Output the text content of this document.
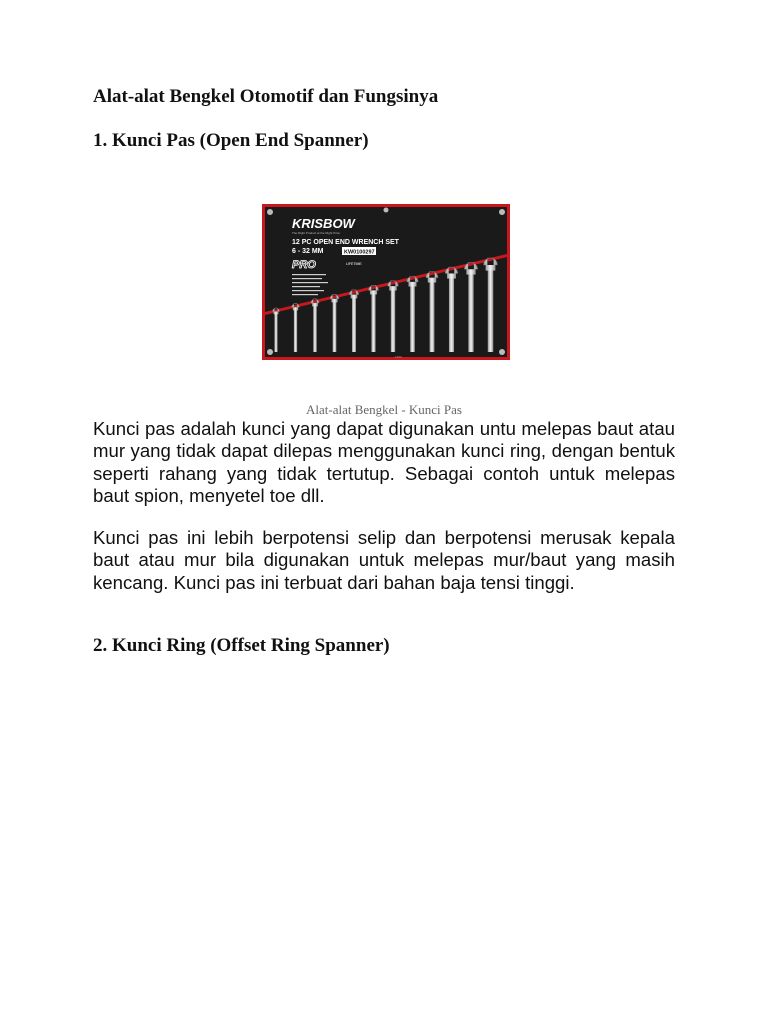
Alat-alat Bengkel Otomotif dan Fungsinya
1. Kunci Pas (Open End Spanner)
KRISBOW
The Right Product at the Right Price
12 PC OPEN END WRENCH SET
6 - 32 MM	KW0100297
PRO	LIFETIME
1960
Alat-alat Bengkel - Kunci Pas

Kunci pas adalah kunci yang dapat digunakan untu melepas baut atau mur yang tidak dapat dilepas menggunakan kunci ring, dengan bentuk seperti rahang yang tidak tertutup. Sebagai contoh untuk melepas baut spion, menyetel toe dll.

Kunci pas ini lebih berpotensi selip dan berpotensi merusak kepala baut atau mur bila digunakan untuk melepas mur/baut yang masih kencang. Kunci pas ini terbuat dari bahan baja tensi tinggi.

2. Kunci Ring (Offset Ring Spanner)
